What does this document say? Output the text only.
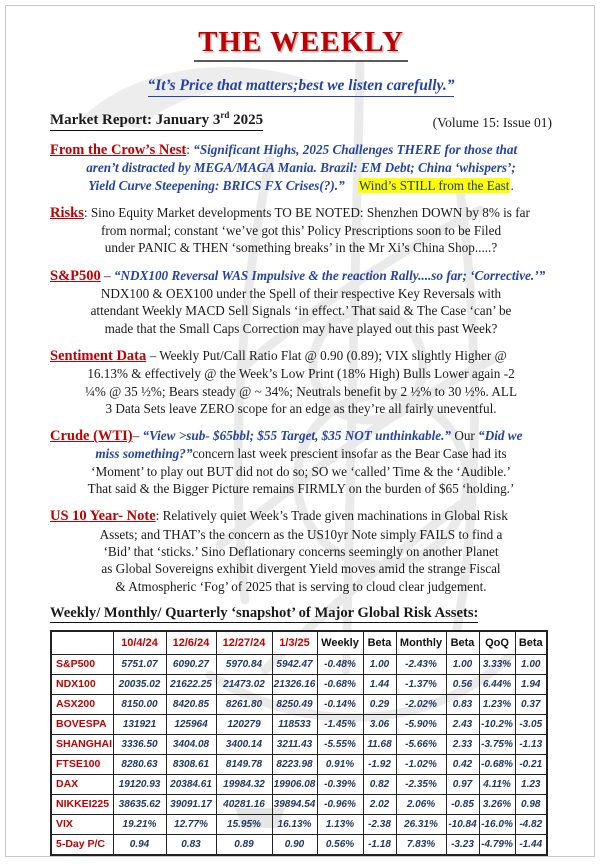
THE WEEKLY
“It’s Price that matters;best we listen carefully.”
Market Report: January 3rd 2025	(Volume 15: Issue 01)
From the Crow’s Nest: “Significant Highs, 2025 Challenges THERE for those that
aren’t distracted by MEGA/MAGA Mania. Brazil: EM Debt; China ‘whispers’;
Yield Curve Steepening: BRICS FX Crises(?).” Wind’s STILL from the East.
Risks: Sino Equity Market developments TO BE NOTED: Shenzhen DOWN by 8% is far
from normal; constant ‘we’ve got this’ Policy Prescriptions soon to be Filed
under PANIC & THEN ‘something breaks’ in the Mr Xi’s China Shop.....?
S&P500 – “NDX100 Reversal WAS Impulsive & the reaction Rally....so far; ‘Corrective.’”
NDX100 & OEX100 under the Spell of their respective Key Reversals with
attendant Weekly MACD Sell Signals ‘in effect.’ That said & The Case ‘can’ be
made that the Small Caps Correction may have played out this past Week?
Sentiment Data – Weekly Put/Call Ratio Flat @ 0.90 (0.89); VIX slightly Higher @
16.13% & effectively @ the Week’s Low Print (18% High) Bulls Lower again -2
¼% @ 35 ½%; Bears steady @ ~ 34%; Neutrals benefit by 2 ½% to 30 ½%. ALL
3 Data Sets leave ZERO scope for an edge as they’re all fairly uneventful.
Crude (WTI)– “View >sub- $65bbl; $55 Target, $35 NOT unthinkable.” Our “Did we
miss something?”concern last week prescient insofar as the Bear Case had its
‘Moment’ to play out BUT did not do so; SO we ‘called’ Time & the ‘Audible.’
That said & the Bigger Picture remains FIRMLY on the burden of $65 ‘holding.’
US 10 Year- Note: Relatively quiet Week’s Trade given machinations in Global Risk
Assets; and THAT’s the concern as the US10yr Note simply FAILS to find a
‘Bid’ that ‘sticks.’ Sino Deflationary concerns seemingly on another Planet
as Global Sovereigns exhibit divergent Yield moves amid the strange Fiscal
& Atmospheric ‘Fog’ of 2025 that is serving to cloud clear judgement.
Weekly/ Monthly/ Quarterly ‘snapshot’ of Major Global Risk Assets:
	10/4/24	12/6/24	12/27/24	1/3/25	Weekly	Beta	Monthly	Beta	QoQ	Beta
S&P500	5751.07	6090.27	5970.84	5942.47	-0.48%	1.00	-2.43%	1.00	3.33%	1.00
NDX100	20035.02	21622.25	21473.02	21326.16	-0.68%	1.44	-1.37%	0.56	6.44%	1.94
ASX200	8150.00	8420.85	8261.80	8250.49	-0.14%	0.29	-2.02%	0.83	1.23%	0.37
BOVESPA	131921	125964	120279	118533	-1.45%	3.06	-5.90%	2.43	-10.2%	-3.05
SHANGHAI	3336.50	3404.08	3400.14	3211.43	-5.55%	11.68	-5.66%	2.33	-3.75%	-1.13
FTSE100	8280.63	8308.61	8149.78	8223.98	0.91%	-1.92	-1.02%	0.42	-0.68%	-0.21
DAX	19120.93	20384.61	19984.32	19906.08	-0.39%	0.82	-2.35%	0.97	4.11%	1.23
NIKKEI225	38635.62	39091.17	40281.16	39894.54	-0.96%	2.02	2.06%	-0.85	3.26%	0.98
VIX	19.21%	12.77%	15.95%	16.13%	1.13%	-2.38	26.31%	-10.84	-16.0%	-4.82
5-Day P/C	0.94	0.83	0.89	0.90	0.56%	-1.18	7.83%	-3.23	-4.79%	-1.44
